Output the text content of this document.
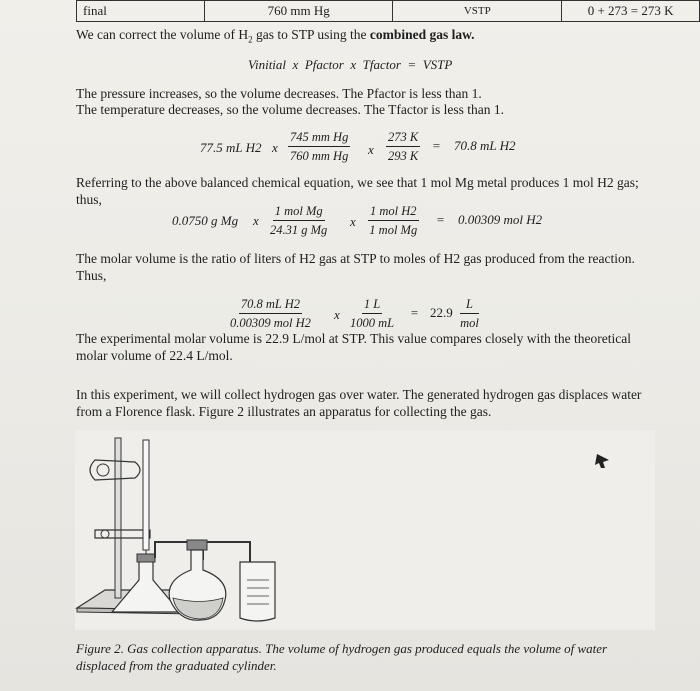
final	760 mm Hg	VSTP	0 + 273 = 273 K
We can correct the volume of $H_2$ gas to STP using the combined gas law.
Vinitial x Pfactor x Tfactor = VSTP
The pressure increases, so the volume decreases. The Pfactor is less than 1.
The temperature decreases, so the volume decreases. The Tfactor is less than 1.
77.5 mL H2 x $\frac{\text{745 mm Hg}}{\text{760 mm Hg}}$ x $\frac{273 K}{293 K} = 70.8$ mL H2
Referring to the above balanced chemical equation, we see that 1 mol Mg metal produces 1 mol H2 gas; thus,
0.0750 g Mg x
1 mol Mg
24.31 g Mg
x
1 mol H2
1 mol Mg
= 0.00309 mol H2
The molar volume is the ratio of liters of H2 gas at STP to moles of H2 gas produced from the reaction. Thus,
70.8 mL H2
0.00309 mol H2
x $\frac{1 L}{1000 mL} = 22.9$
L
mol
The experimental molar volume is 22.9 L/mol at STP. This value compares closely with the theoretical molar volume of 22.4 L/mol.
In this experiment, we will collect hydrogen gas over water. The generated hydrogen gas displaces water from a Florence flask. Figure 2 illustrates an apparatus for collecting the gas.
Figure 2. Gas collection apparatus. The volume of hydrogen gas produced equals the volume of water displaced from the graduated cylinder.
